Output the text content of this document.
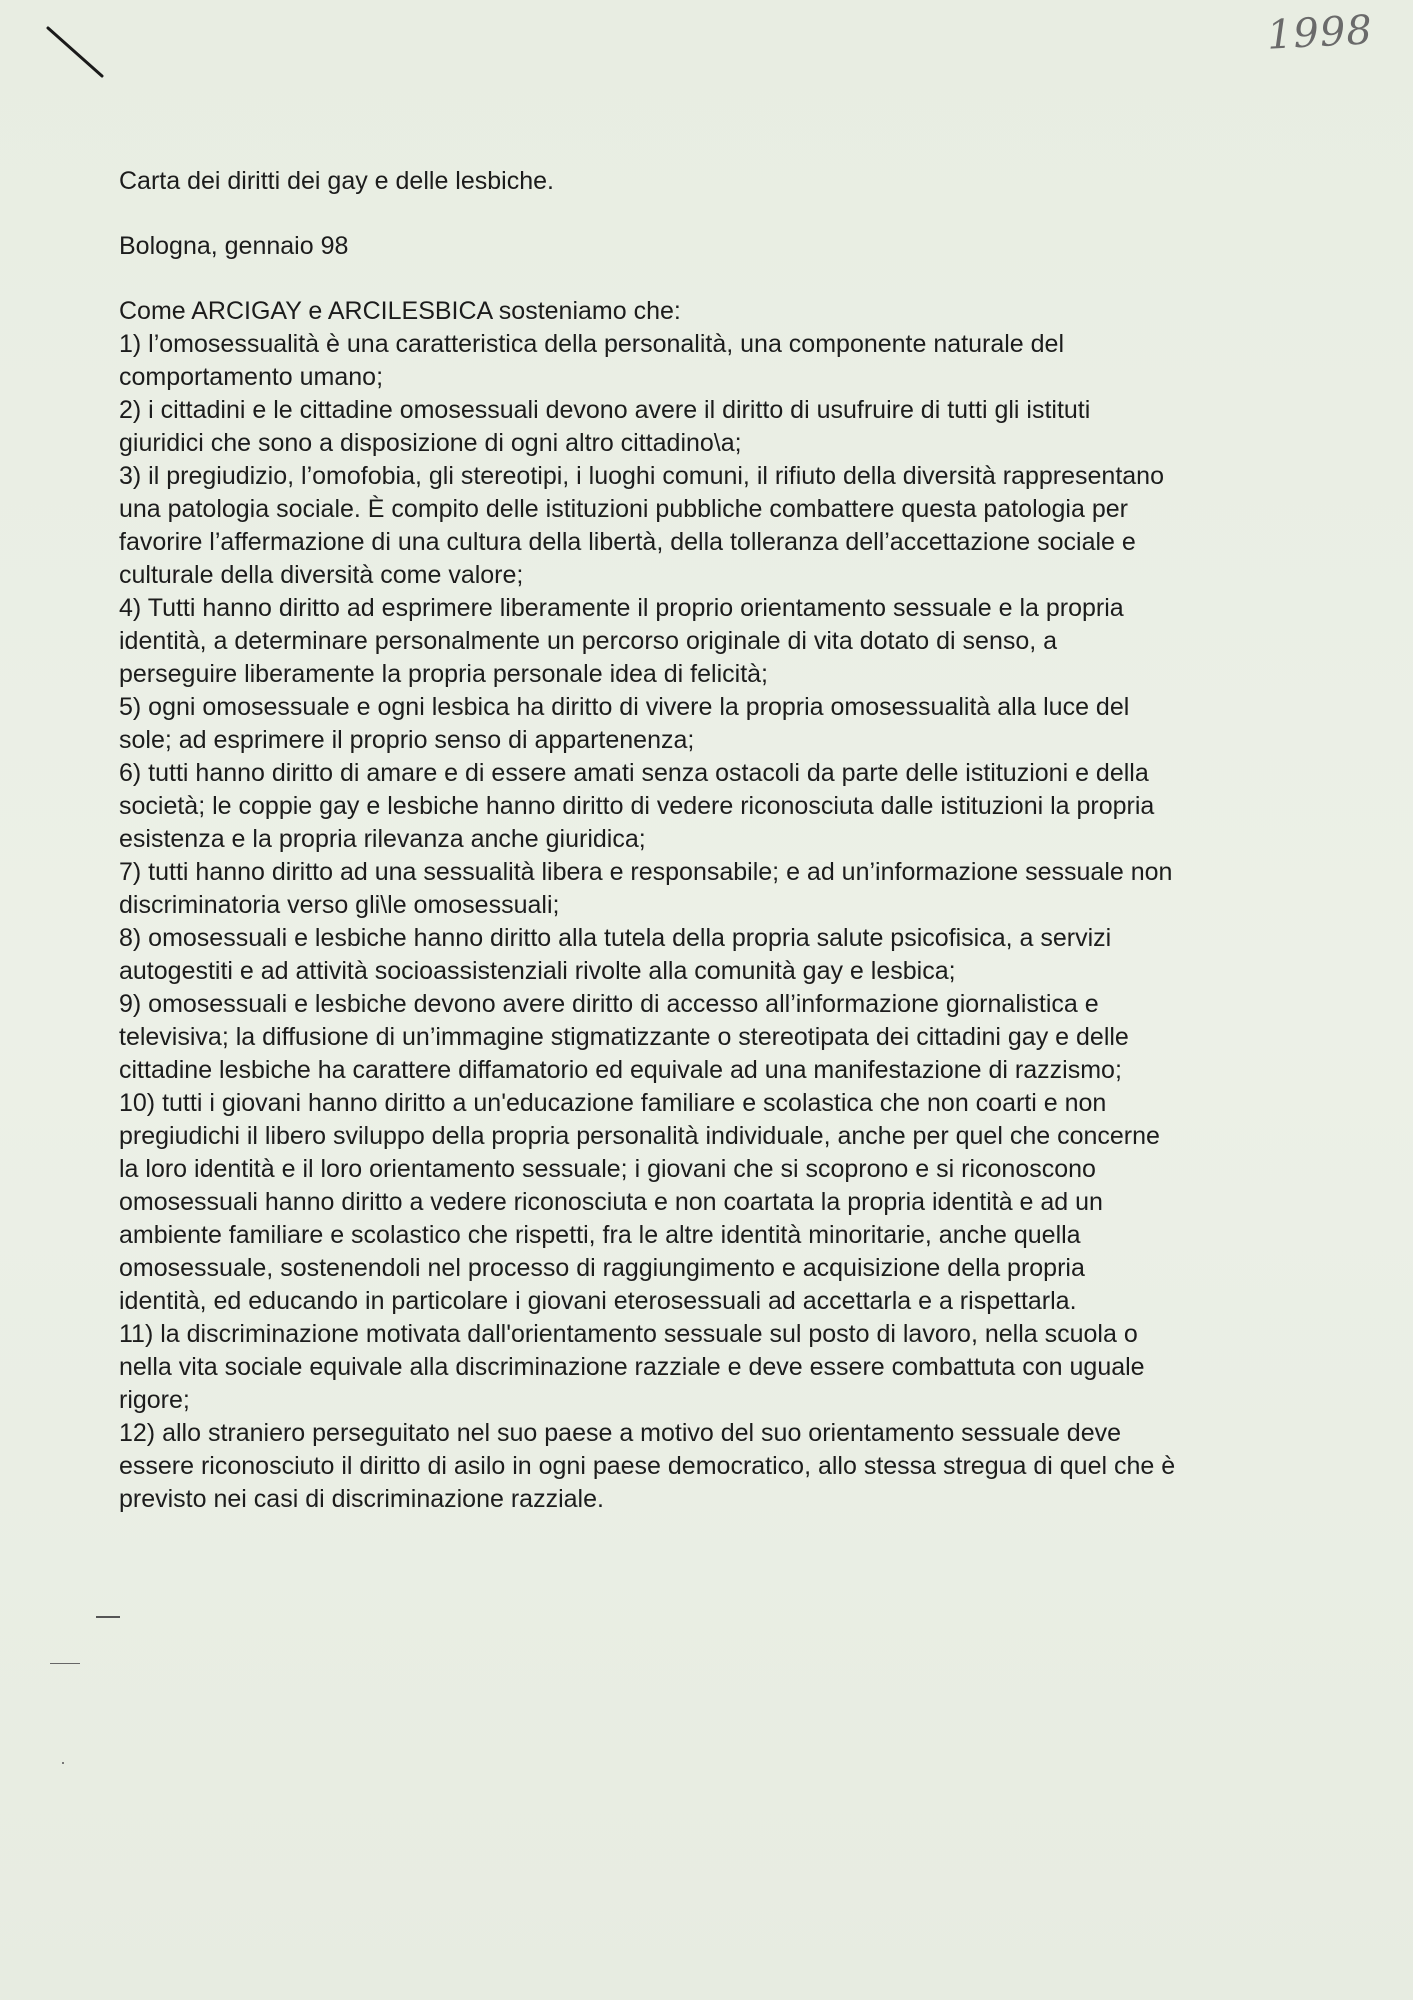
1998
Carta dei diritti dei gay e delle lesbiche.

Bologna, gennaio 98

Come ARCIGAY e ARCILESBICA sosteniamo che:

1) l’omosessualità è una caratteristica della personalità, una componente naturale del comportamento umano;
2) i cittadini e le cittadine omosessuali devono avere il diritto di usufruire di tutti gli istituti giuridici che sono a disposizione di ogni altro cittadino\a;
3) il pregiudizio, l’omofobia, gli stereotipi, i luoghi comuni, il rifiuto della diversità rappresentano una patologia sociale. È compito delle istituzioni pubbliche combattere questa patologia per favorire l’affermazione di una cultura della libertà, della tolleranza dell’accettazione sociale e culturale della diversità come valore;
4) Tutti hanno diritto ad esprimere liberamente il proprio orientamento sessuale e la propria identità, a determinare personalmente un percorso originale di vita dotato di senso, a perseguire liberamente la propria personale idea di felicità;
5) ogni omosessuale e ogni lesbica ha diritto di vivere la propria omosessualità alla luce del sole; ad esprimere il proprio senso di appartenenza;
6) tutti hanno diritto di amare e di essere amati senza ostacoli da parte delle istituzioni e della società; le coppie gay e lesbiche hanno diritto di vedere riconosciuta dalle istituzioni la propria esistenza e la propria rilevanza anche giuridica;
7) tutti hanno diritto ad una sessualità libera e responsabile; e ad un’informazione sessuale non discriminatoria verso gli\le omosessuali;
8) omosessuali e lesbiche hanno diritto alla tutela della propria salute psicofisica, a servizi autogestiti e ad attività socioassistenziali rivolte alla comunità gay e lesbica;
9) omosessuali e lesbiche devono avere diritto di accesso all’informazione giornalistica e televisiva; la diffusione di un’immagine stigmatizzante o stereotipata dei cittadini gay e delle cittadine lesbiche ha carattere diffamatorio ed equivale ad una manifestazione di razzismo;
10) tutti i giovani hanno diritto a un'educazione familiare e scolastica che non coarti e non pregiudichi il libero sviluppo della propria personalità individuale, anche per quel che concerne la loro identità e il loro orientamento sessuale; i giovani che si scoprono e si riconoscono omosessuali hanno diritto a vedere riconosciuta e non coartata la propria identità e ad un ambiente familiare e scolastico che rispetti, fra le altre identità minoritarie, anche quella omosessuale, sostenendoli nel processo di raggiungimento e acquisizione della propria identità, ed educando in particolare i giovani eterosessuali ad accettarla e a rispettarla.
11) la discriminazione motivata dall'orientamento sessuale sul posto di lavoro, nella scuola o nella vita sociale equivale alla discriminazione razziale e deve essere combattuta con uguale rigore;
12) allo straniero perseguitato nel suo paese a motivo del suo orientamento sessuale deve essere riconosciuto il diritto di asilo in ogni paese democratico, allo stessa stregua di quel che è previsto nei casi di discriminazione razziale.
